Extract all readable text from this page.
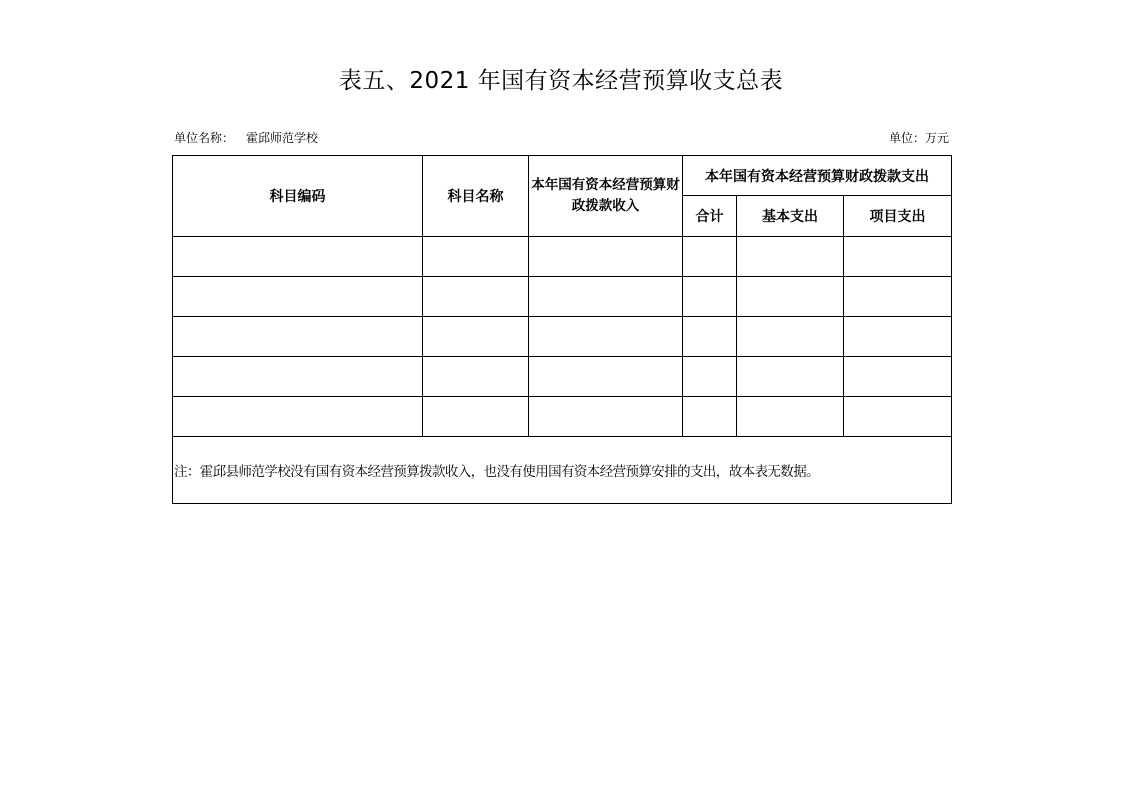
表五、2021 年国有资本经营预算收支总表
单位名称： 霍邱师范学校	单位：万元
科目编码	科目名称	本年国有资本经营预算财政拨款收入	本年国有资本经营预算财政拨款支出		
			合计	基本支出	项目支出

注：霍邱县师范学校没有国有资本经营预算拨款收入，也没有使用国有资本经营预算安排的支出，故本表无数据。					
